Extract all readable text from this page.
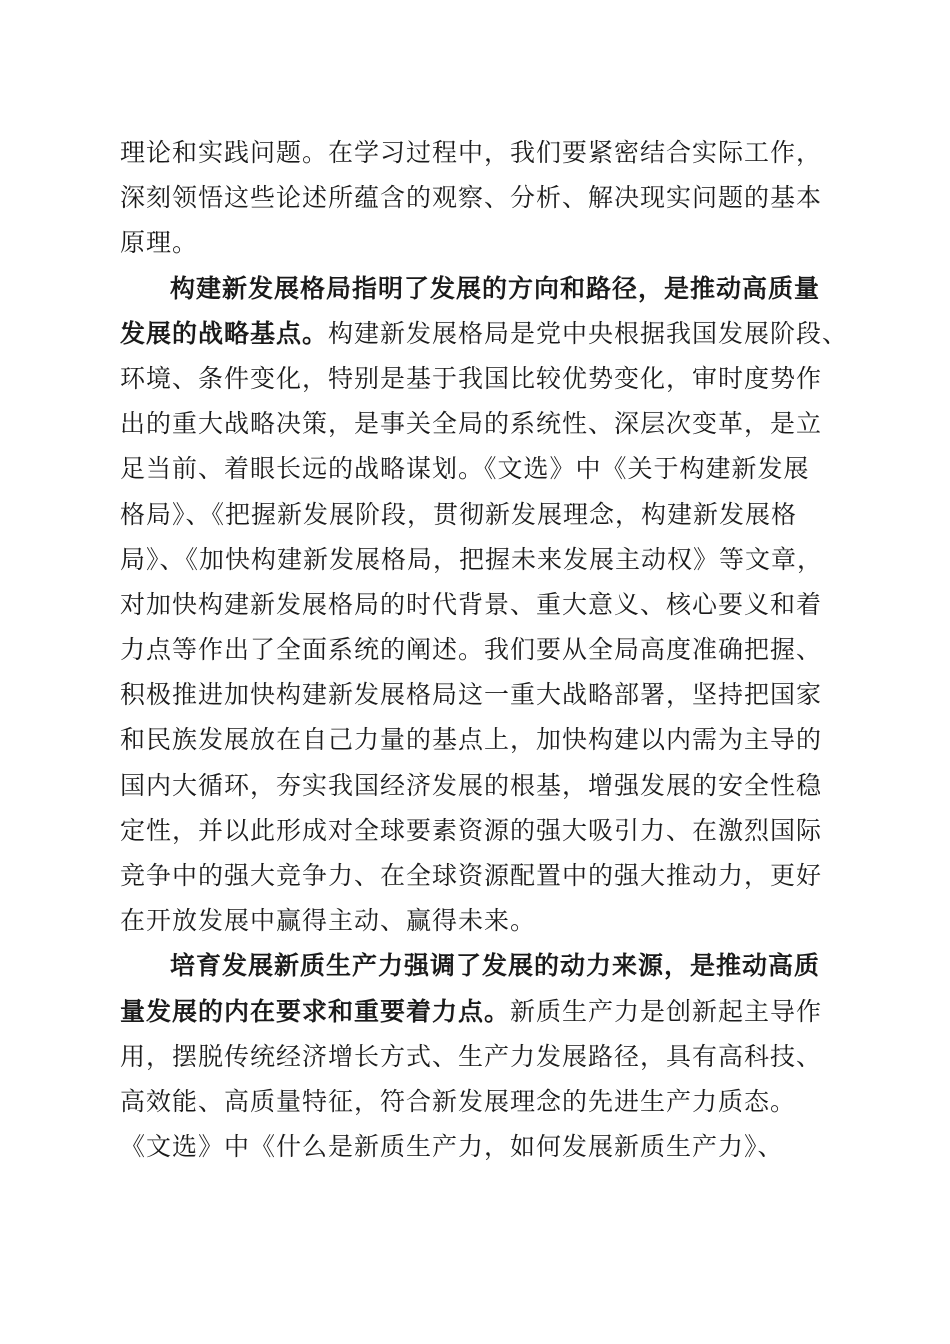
理论和实践问题。在学习过程中，我们要紧密结合实际工作，
深刻领悟这些论述所蕴含的观察、分析、解决现实问题的基本
原理。
构建新发展格局指明了发展的方向和路径，是推动高质量
发展的战略基点。构建新发展格局是党中央根据我国发展阶段、
环境、条件变化，特别是基于我国比较优势变化，审时度势作
出的重大战略决策，是事关全局的系统性、深层次变革，是立
足当前、着眼长远的战略谋划。《文选》中《关于构建新发展
格局》、《把握新发展阶段，贯彻新发展理念，构建新发展格
局》、《加快构建新发展格局，把握未来发展主动权》等文章，
对加快构建新发展格局的时代背景、重大意义、核心要义和着
力点等作出了全面系统的阐述。我们要从全局高度准确把握、
积极推进加快构建新发展格局这一重大战略部署，坚持把国家
和民族发展放在自己力量的基点上，加快构建以内需为主导的
国内大循环，夯实我国经济发展的根基，增强发展的安全性稳
定性，并以此形成对全球要素资源的强大吸引力、在激烈国际
竞争中的强大竞争力、在全球资源配置中的强大推动力，更好
在开放发展中赢得主动、赢得未来。
培育发展新质生产力强调了发展的动力来源，是推动高质
量发展的内在要求和重要着力点。新质生产力是创新起主导作
用，摆脱传统经济增长方式、生产力发展路径，具有高科技、
高效能、高质量特征，符合新发展理念的先进生产力质态。
《文选》中《什么是新质生产力，如何发展新质生产力》、
